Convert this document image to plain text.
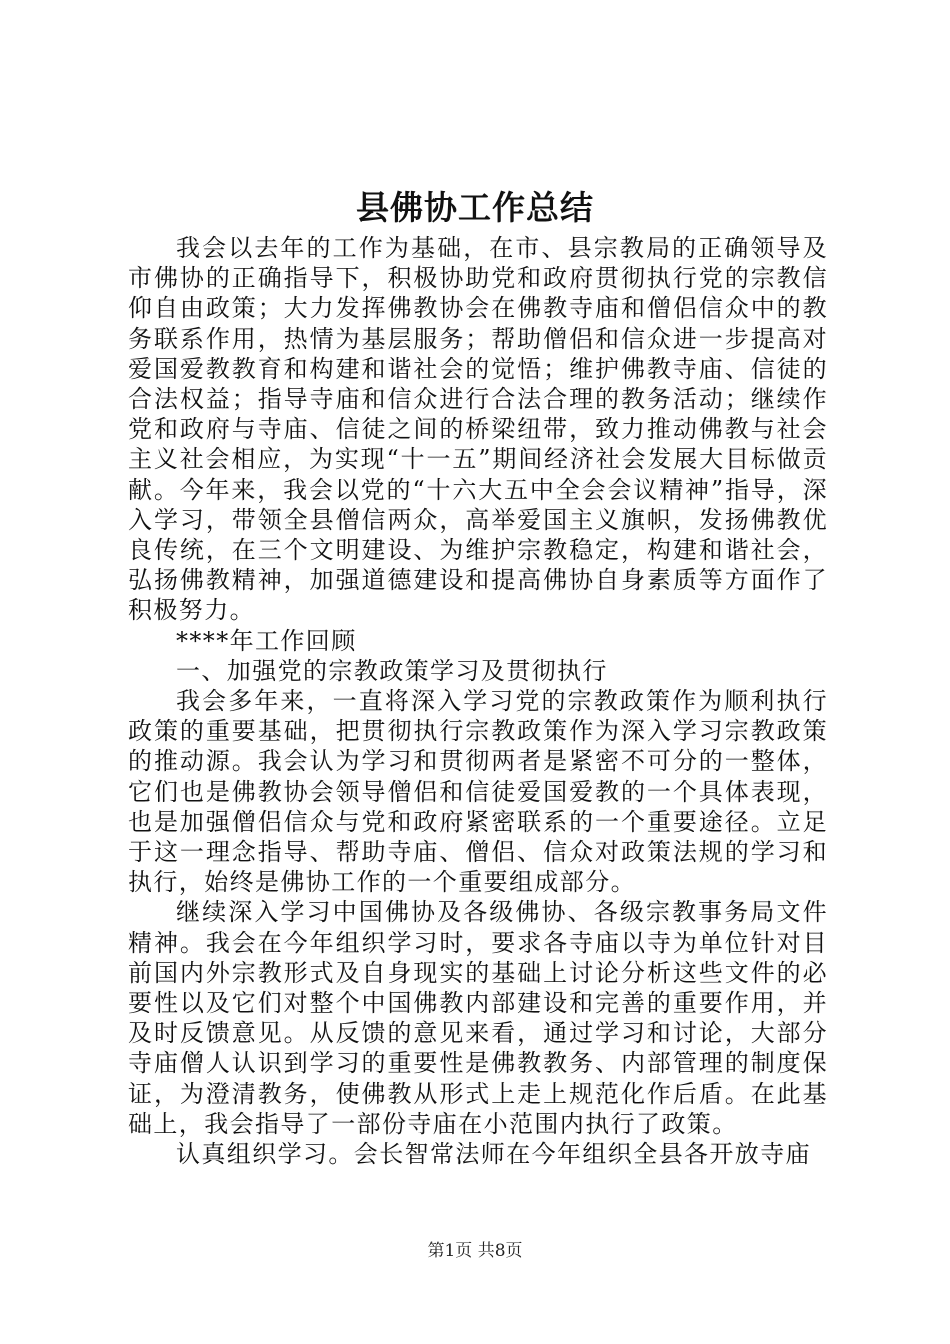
县佛协工作总结

我会以去年的工作为基础，在市、县宗教局的正确领导及市佛协的正确指导下，积极协助党和政府贯彻执行党的宗教信仰自由政策；大力发挥佛教协会在佛教寺庙和僧侣信众中的教务联系作用，热情为基层服务；帮助僧侣和信众进一步提高对爱国爱教教育和构建和谐社会的觉悟；维护佛教寺庙、信徒的合法权益；指导寺庙和信众进行合法合理的教务活动；继续作党和政府与寺庙、信徒之间的桥梁纽带，致力推动佛教与社会主义社会相应，为实现“十一五”期间经济社会发展大目标做贡献。今年来，我会以党的“十六大五中全会会议精神”指导，深入学习，带领全县僧信两众，高举爱国主义旗帜，发扬佛教优良传统，在三个文明建设、为维护宗教稳定，构建和谐社会，弘扬佛教精神，加强道德建设和提高佛协自身素质等方面作了积极努力。

****年工作回顾

一、加强党的宗教政策学习及贯彻执行

我会多年来，一直将深入学习党的宗教政策作为顺利执行政策的重要基础，把贯彻执行宗教政策作为深入学习宗教政策的推动源。我会认为学习和贯彻两者是紧密不可分的一整体，它们也是佛教协会领导僧侣和信徒爱国爱教的一个具体表现，也是加强僧侣信众与党和政府紧密联系的一个重要途径。立足于这一理念指导、帮助寺庙、僧侣、信众对政策法规的学习和执行，始终是佛协工作的一个重要组成部分。

继续深入学习中国佛协及各级佛协、各级宗教事务局文件精神。我会在今年组织学习时，要求各寺庙以寺为单位针对目前国内外宗教形式及自身现实的基础上讨论分析这些文件的必要性以及它们对整个中国佛教内部建设和完善的重要作用，并及时反馈意见。从反馈的意见来看，通过学习和讨论，大部分寺庙僧人认识到学习的重要性是佛教教务、内部管理的制度保证，为澄清教务，使佛教从形式上走上规范化作后盾。在此基础上，我会指导了一部份寺庙在小范围内执行了政策。

认真组织学习。会长智常法师在今年组织全县各开放寺庙

第1页 共8页
